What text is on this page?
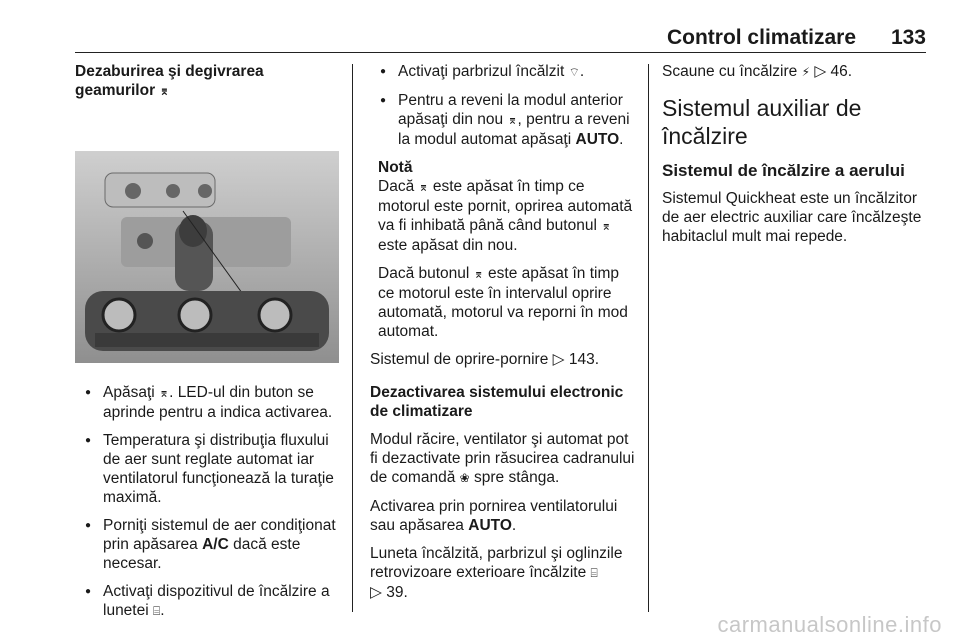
Control climatizare 133
Dezaburirea şi degivrarea geamurilor ⌆
● Apăsaţi ⌆. LED-ul din buton se aprinde pentru a indica activarea.
● Temperatura şi distribuţia fluxului de aer sunt reglate automat iar ventilatorul funcţionează la turaţie maximă.
● Porniţi sistemul de aer condiţionat prin apăsarea A/C dacă este necesar.
● Activaţi dispozitivul de încălzire a lunetei ⌸.
● Activaţi parbrizul încălzit ⌔.
● Pentru a reveni la modul anterior apăsaţi din nou ⌆, pentru a reveni la modul automat apăsaţi AUTO.
Notă

Dacă ⌆ este apăsat în timp ce motorul este pornit, oprirea automată va fi inhibată până când butonul ⌆ este apăsat din nou.

Dacă butonul ⌆ este apăsat în timp ce motorul este în intervalul oprire automată, motorul va reporni în mod automat.

Sistemul de oprire-pornire ▷ 143.

Dezactivarea sistemului electronic de climatizare

Modul răcire, ventilator şi automat pot fi dezactivate prin răsucirea cadranului de comandă ❀ spre stânga.

Activarea prin pornirea ventilatorului sau apăsarea AUTO.

Luneta încălzită, parbrizul şi oglinzile retrovizoare exterioare încălzite ⌸
▷ 39.

Scaune cu încălzire ⚡ ▷ 46.

Sistemul auxiliar de încălzire
Sistemul de încălzire a aerului

Sistemul Quickheat este un încălzitor de aer electric auxiliar care încălzeşte habitaclul mult mai repede.

carmanualsonline.info
